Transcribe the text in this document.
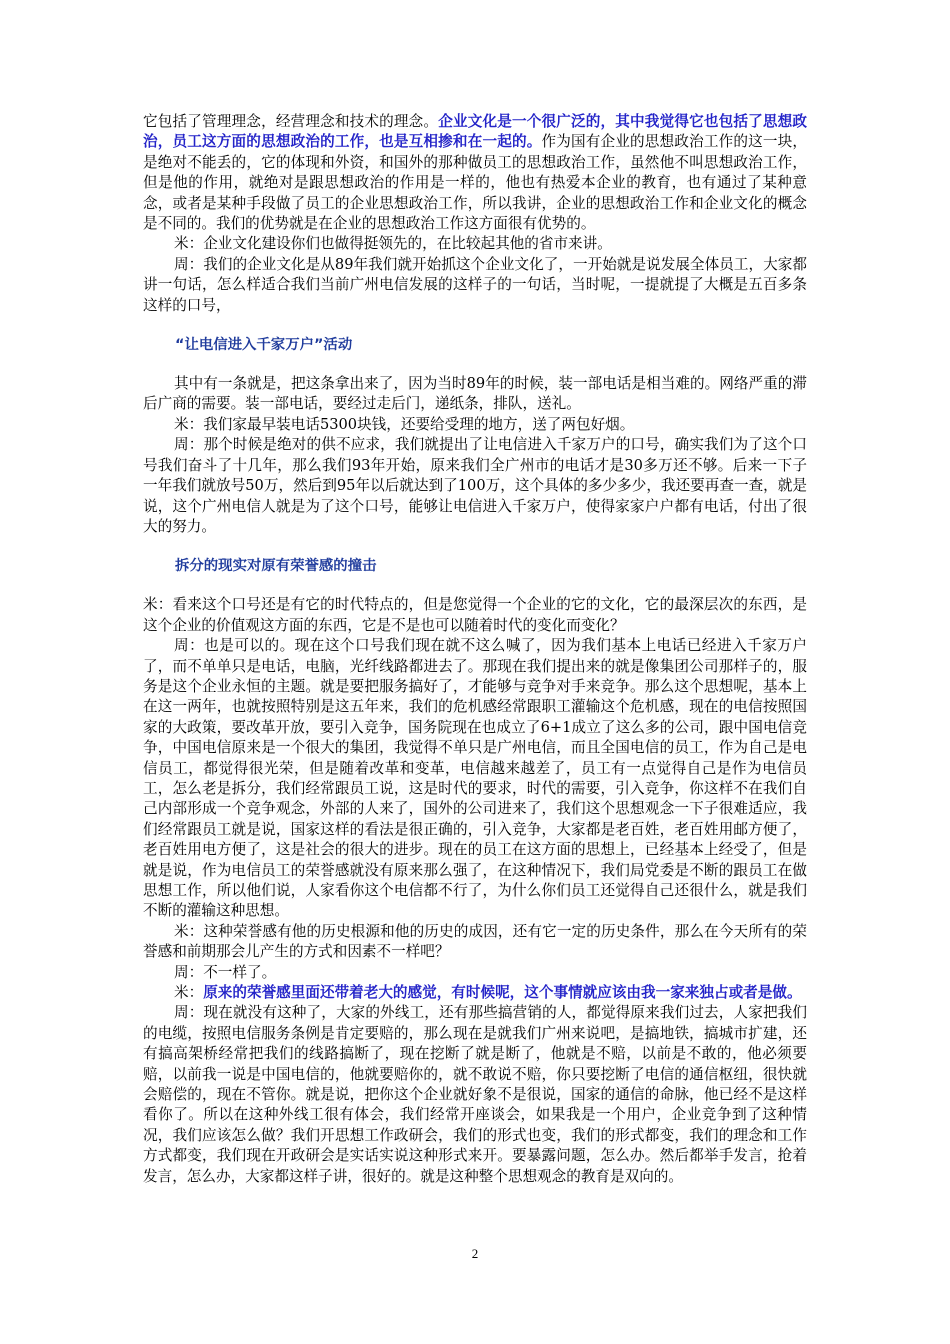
它包括了管理理念，经营理念和技术的理念。企业文化是一个很广泛的，其中我觉得它也包括了思想政治，员工这方面的思想政治的工作，也是互相掺和在一起的。作为国有企业的思想政治工作的这一块，是绝对不能丢的，它的体现和外资，和国外的那种做员工的思想政治工作，虽然他不叫思想政治工作，但是他的作用，就绝对是跟思想政治的作用是一样的，他也有热爱本企业的教育，也有通过了某种意念，或者是某种手段做了员工的企业思想政治工作，所以我讲，企业的思想政治工作和企业文化的概念是不同的。我们的优势就是在企业的思想政治工作这方面很有优势的。

米：企业文化建设你们也做得挺领先的，在比较起其他的省市来讲。

周：我们的企业文化是从89年我们就开始抓这个企业文化了，一开始就是说发展全体员工，大家都讲一句话，怎么样适合我们当前广州电信发展的这样子的一句话，当时呢，一提就提了大概是五百多条这样的口号，

“让电信进入千家万户”活动

其中有一条就是，把这条拿出来了，因为当时89年的时候，装一部电话是相当难的。网络严重的滞后广商的需要。装一部电话，要经过走后门，递纸条，排队，送礼。

米：我们家最早装电话5300块钱，还要给受理的地方，送了两包好烟。

周：那个时候是绝对的供不应求，我们就提出了让电信进入千家万户的口号，确实我们为了这个口号我们奋斗了十几年，那么我们93年开始，原来我们全广州市的电话才是30多万还不够。后来一下子一年我们就放号50万，然后到95年以后就达到了100万，这个具体的多少多少，我还要再查一查，就是说，这个广州电信人就是为了这个口号，能够让电信进入千家万户，使得家家户户都有电话，付出了很大的努力。

拆分的现实对原有荣誉感的撞击

米：看来这个口号还是有它的时代特点的，但是您觉得一个企业的它的文化，它的最深层次的东西，是这个企业的价值观这方面的东西，它是不是也可以随着时代的变化而变化？

周：也是可以的。现在这个口号我们现在就不这么喊了，因为我们基本上电话已经进入千家万户了，而不单单只是电话，电脑，光纤线路都进去了。那现在我们提出来的就是像集团公司那样子的，服务是这个企业永恒的主题。就是要把服务搞好了，才能够与竞争对手来竞争。那么这个思想呢，基本上在这一两年，也就按照特别是这五年来，我们的危机感经常跟职工灌输这个危机感，现在的电信按照国家的大政策，要改革开放，要引入竞争，国务院现在也成立了6+1成立了这么多的公司，跟中国电信竞争，中国电信原来是一个很大的集团，我觉得不单只是广州电信，而且全国电信的员工，作为自己是电信员工，都觉得很光荣，但是随着改革和变革，电信越来越差了，员工有一点觉得自己是作为电信员工，怎么老是拆分，我们经常跟员工说，这是时代的要求，时代的需要，引入竞争，你这样不在我们自己内部形成一个竞争观念，外部的人来了，国外的公司进来了，我们这个思想观念一下子很难适应，我们经常跟员工就是说，国家这样的看法是很正确的，引入竞争，大家都是老百姓，老百姓用邮方便了，老百姓用电方便了，这是社会的很大的进步。现在的员工在这方面的思想上，已经基本上经受了，但是就是说，作为电信员工的荣誉感就没有原来那么强了，在这种情况下，我们局党委是不断的跟员工在做思想工作，所以他们说，人家看你这个电信都不行了，为什么你们员工还觉得自己还很什么，就是我们不断的灌输这种思想。

米：这种荣誉感有他的历史根源和他的历史的成因，还有它一定的历史条件，那么在今天所有的荣誉感和前期那会儿产生的方式和因素不一样吧？

周：不一样了。

米：原来的荣誉感里面还带着老大的感觉，有时候呢，这个事情就应该由我一家来独占或者是做。

周：现在就没有这种了，大家的外线工，还有那些搞营销的人，都觉得原来我们过去，人家把我们的电缆，按照电信服务条例是肯定要赔的，那么现在是就我们广州来说吧，是搞地铁，搞城市扩建，还有搞高架桥经常把我们的线路搞断了，现在挖断了就是断了，他就是不赔，以前是不敢的，他必须要赔，以前我一说是中国电信的，他就要赔你的，就不敢说不赔，你只要挖断了电信的通信枢纽，很快就会赔偿的，现在不管你。就是说，把你这个企业就好象不是很说，国家的通信的命脉，他已经不是这样看你了。所以在这种外线工很有体会，我们经常开座谈会，如果我是一个用户，企业竞争到了这种情况，我们应该怎么做？我们开思想工作政研会，我们的形式也变，我们的形式都变，我们的理念和工作方式都变，我们现在开政研会是实话实说这种形式来开。要暴露问题，怎么办。然后都举手发言，抢着发言，怎么办，大家都这样子讲，很好的。就是这种整个思想观念的教育是双向的。

2
